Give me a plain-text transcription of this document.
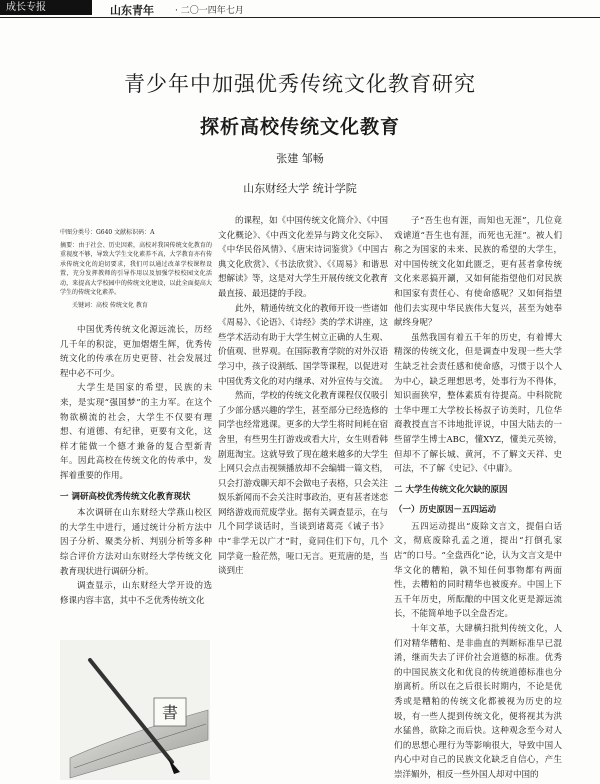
成长专报	山东青年 · 二〇一四年七月
青少年中加强优秀传统文化教育研究
探析高校传统文化教育
张建 邹畅
山东财经大学 统计学院

中图分类号：G640 文献标识码：A

摘要：由于社会、历史因素，高校对我国传统文化教育的重视度不够，导致大学生文化素养不高，大学教育亦有传承传统文化的迫切要求，我们可以通过改革学校课程设置，充分发挥教师的引导作用以及加强学校校园文化活动，来提高大学校园中的传统文化建设，以此全面提高大学生的传统文化素养。

关键词：高校 传统文化 教育

中国优秀传统文化源远流长，历经几千年的积淀，更加熠熠生辉，优秀传统文化的传承在历史更替、社会发展过程中必不可少。

大学生是国家的希望，民族的未来，是实现“强国梦”的主力军。在这个物欲横流的社会，大学生不仅要有理想、有道德、有纪律，更要有文化，这样才能做一个德才兼备的复合型新青年。因此高校在传统文化的传承中，发挥着重要的作用。

一 调研高校优秀传统文化教育现状

本次调研在山东财经大学燕山校区的大学生中进行，通过统计分析方法中因子分析、聚类分析、判别分析等多种综合评价方法对山东财经大学传统文化教育现状进行调研分析。

调查显示，山东财经大学开设的选修课内容丰富，其中不乏优秀传统文化

的课程，如《中国传统文化简介》、《中国文化概论》、《中西文化差异与跨文化交际》、《中华民俗风情》、《唐宋诗词鉴赏》《中国古典文化欣赏》、《书法欣赏》、《《周易》和谐思想解读》等，这是对大学生开展传统文化教育最直接、最迅捷的手段。

此外，精通传统文化的教师开设一些诸如《周易》、《论语》、《诗经》类的学术讲座，这些学术活动有助于大学生树立正确的人生观、价值观、世界观。在国际教育学院的对外汉语学习中，孩子设割纸、国学等课程，以促进对中国优秀文化的对内继承、对外宣传与交流。

然而，学校的传统文化教育课程仅仅吸引了少部分感兴趣的学生，甚至部分已经选修的同学也经常逃课。更多的大学生将时间耗在宿舍里，有些男生打游戏或看大片，女生则看韩剧逛淘宝。这就导致了现在越来越多的大学生上网只会点击视频播放却不会编辑一篇文档，只会打游戏聊天却不会做电子表格，只会关注娱乐新闻而不会关注时事政治，更有甚者迷恋网络游戏而荒废学业。据有关调查显示，在与几个同学谈话时，当谈到诸葛亮《诫子书》中“非学无以广才”时，竟同住们下句，几个同学竟一脸茫然，哑口无言。更荒唐的是，当谈到庄

子“吾生也有涯，而知也无涯”，几位竟戏谑道“吾生也有涯，而死也无涯”。被人们称之为国家的未来、民族的希望的大学生，对中国传统文化如此匮乏，更有甚者拿传统文化来恶搞开涮，又如何能指望他们对民族和国家有责任心、有使命感呢？又如何指望他们去实现中华民族伟大复兴，甚至为她奉献终身呢？

虽然我国有着五千年的历史，有着博大精深的传统文化，但是调查中发现一些大学生缺乏社会责任感和使命感，习惯于以个人为中心，缺乏理想思考，处事行为不得体，知识面狭窄，整体素质有待提高。中科院院士华中理工大学校长杨叔子访美时，几位华裔教授直言不讳地批评说，中国大陆去的一些留学生博士ABC，懂XYZ，懂美元英镑，但却不了解长城、黄河，不了解文天祥、史可法，不了解《史记》、《中庸》。

二 大学生传统文化欠缺的原因

（一）历史原因－五四运动

五四运动提出“废除文言文，提倡白话文，彻底废除孔孟之道，提出“打倒孔家店”的口号。“全盘西化”论，认为文言文是中华文化的糟粕，孰不知任何事物都有两面性，去糟粕的同时精华也被废弃。中国上下五千年历史，所酝酿的中国文化更是源远流长，不能简单地予以全盘否定。

十年文革，大肆横扫批判传统文化，人们对精华糟粕、是非曲直的判断标准早已混淆，继而失去了评价社会道德的标准。优秀的中国民族文化和优良的传统道德标准也分崩离析。所以在之后很长时期内，不论是优秀或是糟粕的传统文化都被视为历史的垃圾，有一些人提到传统文化，便将视其为洪水猛兽，欲除之而后快。这种观念至今对人们的思想心理行为等影响很大，导致中国人内心中对自己的民族文化缺乏自信心，产生崇洋媚外，相反一些外国人却对中国的

書
